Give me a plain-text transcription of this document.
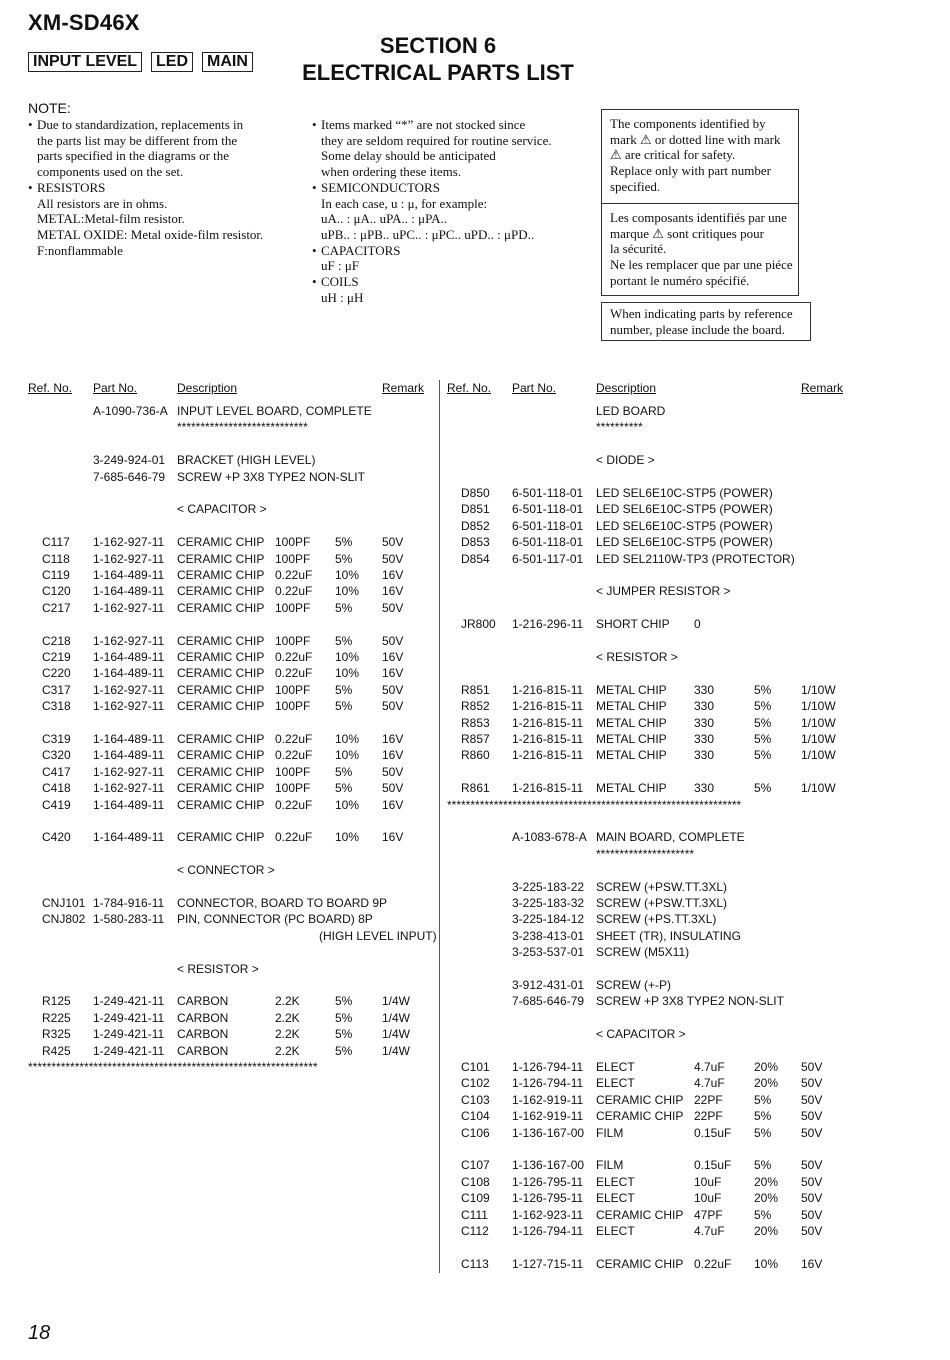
XM-SD46X
INPUT LEVEL	LED	MAIN
SECTION 6
ELECTRICAL PARTS LIST
NOTE:
• Due to standardization, replacements in
the parts list may be different from the
parts specified in the diagrams or the
components used on the set.
• RESISTORS
All resistors are in ohms.
METAL:Metal-film resistor.
METAL OXIDE: Metal oxide-film resistor.
F:nonflammable
• Items marked “*” are not stocked since
they are seldom required for routine service.
Some delay should be anticipated
when ordering these items.
• SEMICONDUCTORS
In each case, u : μ, for example:
uA.. : μA.. uPA.. : μPA..
uPB.. : μPB.. uPC.. : μPC.. uPD.. : μPD..
• CAPACITORS
uF : μF
• COILS
uH : μH
The components identified by
mark ⚠ or dotted line with mark
⚠ are critical for safety.
Replace only with part number
specified.
Les composants identifiés par une
marque ⚠ sont critiques pour
la sécurité.
Ne les remplacer que par une piéce
portant le numéro spécifié.
When indicating parts by reference
number, please include the board.
Ref. No. Part No.	Description	Remark
A-1090-736-A INPUT LEVEL BOARD, COMPLETE
****************************
3-249-924-01 BRACKET (HIGH LEVEL)
7-685-646-79 SCREW +P 3X8 TYPE2 NON-SLIT
< CAPACITOR >
C117 1-162-927-11 CERAMIC CHIP 100PF 5% 50V
C118 1-162-927-11 CERAMIC CHIP 100PF 5% 50V
C119 1-164-489-11 CERAMIC CHIP 0.22uF 10% 16V
C120 1-164-489-11 CERAMIC CHIP 0.22uF 10% 16V
C217 1-162-927-11 CERAMIC CHIP 100PF 5% 50V
C218 1-162-927-11 CERAMIC CHIP 100PF 5% 50V
C219 1-164-489-11 CERAMIC CHIP 0.22uF 10% 16V
C220 1-164-489-11 CERAMIC CHIP 0.22uF 10% 16V
C317 1-162-927-11 CERAMIC CHIP 100PF 5% 50V
C318 1-162-927-11 CERAMIC CHIP 100PF 5% 50V
C319 1-164-489-11 CERAMIC CHIP 0.22uF 10% 16V
C320 1-164-489-11 CERAMIC CHIP 0.22uF 10% 16V
C417 1-162-927-11 CERAMIC CHIP 100PF 5% 50V
C418 1-162-927-11 CERAMIC CHIP 100PF 5% 50V
C419 1-164-489-11 CERAMIC CHIP 0.22uF 10% 16V
C420 1-164-489-11 CERAMIC CHIP 0.22uF 10% 16V
< CONNECTOR >
CNJ101 1-784-916-11 CONNECTOR, BOARD TO BOARD 9P
CNJ802 1-580-283-11 PIN, CONNECTOR (PC BOARD) 8P
(HIGH LEVEL INPUT)
< RESISTOR >
R125 1-249-421-11 CARBON	2.2K	5% 1/4W
R225 1-249-421-11 CARBON	2.2K	5% 1/4W
R325 1-249-421-11 CARBON	2.2K	5% 1/4W
R425 1-249-421-11 CARBON	2.2K	5% 1/4W
**************************************************************
Ref. No. Part No.	Description	Remark
LED BOARD
**********
< DIODE >
D850 6-501-118-01 LED SEL6E10C-STP5 (POWER)
D851 6-501-118-01 LED SEL6E10C-STP5 (POWER)
D852 6-501-118-01 LED SEL6E10C-STP5 (POWER)
D853 6-501-118-01 LED SEL6E10C-STP5 (POWER)
D854 6-501-117-01 LED SEL2110W-TP3 (PROTECTOR)
< JUMPER RESISTOR >
JR800 1-216-296-11 SHORT CHIP 0
< RESISTOR >
R851 1-216-815-11 METAL CHIP 330	5% 1/10W
R852 1-216-815-11 METAL CHIP 330	5% 1/10W
R853 1-216-815-11 METAL CHIP 330	5% 1/10W
R857 1-216-815-11 METAL CHIP 330	5% 1/10W
R860 1-216-815-11 METAL CHIP 330	5% 1/10W
R861 1-216-815-11 METAL CHIP 330	5% 1/10W
***************************************************************
A-1083-678-A MAIN BOARD, COMPLETE
*********************
3-225-183-22 SCREW (+PSW.TT.3XL)
3-225-183-32 SCREW (+PSW.TT.3XL)
3-225-184-12 SCREW (+PS.TT.3XL)
3-238-413-01 SHEET (TR), INSULATING
3-253-537-01 SCREW (M5X11)
3-912-431-01 SCREW (+-P)
7-685-646-79 SCREW +P 3X8 TYPE2 NON-SLIT
< CAPACITOR >
C101 1-126-794-11 ELECT	4.7uF 20% 50V
C102 1-126-794-11 ELECT	4.7uF 20% 50V
C103 1-162-919-11 CERAMIC CHIP 22PF	5% 50V
C104 1-162-919-11 CERAMIC CHIP 22PF	5% 50V
C106 1-136-167-00 FILM	0.15uF 5% 50V
C107 1-136-167-00 FILM	0.15uF 5% 50V
C108 1-126-795-11 ELECT	10uF	20% 50V
C109 1-126-795-11 ELECT	10uF	20% 50V
C111 1-162-923-11 CERAMIC CHIP 47PF	5% 50V
C112 1-126-794-11 ELECT	4.7uF 20% 50V
C113 1-127-715-11 CERAMIC CHIP 0.22uF 10% 16V
18
